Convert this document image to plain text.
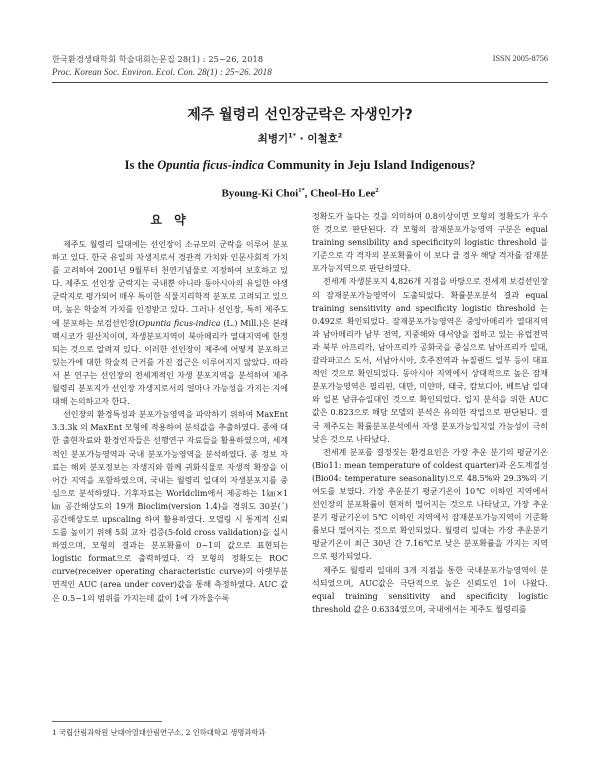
한국환경생태학회 학술대회논문집 28(1) : 25~26, 2018
Proc. Korean Soc. Environ. Ecol. Con. 28(1) : 25~26. 2018
ISSN 2005-8756
제주 월령리 선인장군락은 자생인가?
최병기$^{1*}$ · 이철호$^2$
Is the Opuntia ficus-indica Community in Jeju Island Indigenous?
Byoung-Ki Choi$^{1*}$, Cheol-Ho Lee$^2$
요 약

제주도 월령리 일대에는 선인장이 소규모의 군락을 이루어 분포하고 있다. 한국 유일의 자생지로서 경관적 가치와 인문사회적 가치를 고려하여 2001년 9월부터 천연기념물로 지정하여 보호하고 있다. 제주도 선인장 군락지는 국내뿐 아니라 동아시아의 유일한 야생군락지로 평가되어 매우 특이한 식물지리학적 분포로 고려되고 있으며, 높은 학술적 가치를 인정받고 있다. 그러나 선인장, 특히 제주도에 분포하는 보검선인장(Opuntia ficus-indica (L.) Mill.)은 본래 멕시코가 원산지이며, 자생분포지역이 북아메리카 열대지역에 한정되는 것으로 알려져 있다. 이러한 선인장이 제주에 어떻게 분포하고 있는가에 대한 학술적 근거를 가진 접근은 이루어지지 않았다. 따라서 본 연구는 선인장의 전세계적인 자생 분포지역을 분석하여 제주 월령리 분포지가 선인장 자생지로서의 얼마나 가능성을 가지는 지에 대해 논의하고자 한다.

선인장의 환경특성과 분포가능영역을 파악하기 위하여 MaxEnt 3.3.3k 의 MaxEnt 모형에 적용하여 분석값을 추출하였다. 종에 대한 출현자료와 환경인자들은 선행연구 자료들을 활용하였으며, 세계적인 분포가능영역과 국내 분포가능영역을 분석하였다. 종 정보 자료는 해외 분포정보는 자생지와 함께 귀화식물로 자생적 확장을 이어간 지역을 포함하였으며, 국내는 월령리 일대의 자생분포지를 중심으로 분석하였다. 기후자료는 Worldclim에서 제공하는 1㎞×1㎞ 공간해상도의 19개 Bioclim(version 1.4)을 경위도 30분(´) 공간해상도로 upscaling 하여 활용하였다. 모델링 시 통계적 신뢰도를 높이기 위해 5회 교차 검증(5-fold cross validation)을 실시하였으며, 모형의 결과는 분포확률이 0~1의 값으로 표현되는 logistic format으로 출력하였다. 각 모형의 정확도는 ROC curve(receiver operating characteristic curve)의 아랫부분 면적인 AUC (area under cover)값을 통해 측정하였다. AUC 값은 0.5~1의 범위를 가지는데 값이 1에 가까울수록

정확도가 높다는 것을 의미하며 0.8이상이면 모형의 정확도가 우수한 것으로 판단된다. 각 모형의 잠재분포가능영역 구분은 equal training sensibility and specificity의 logistic threshold 을 기준으로 각 격자의 분포확률이 이 보다 클 경우 해당 격자를 잠재분포가능지역으로 판단하였다.

전세계 자생분포지 4,826개 지점을 바탕으로 전세계 보검선인장의 잠재분포가능영역이 도출되었다. 확률분포분석 결과 equal training sensitivity and specificity logistic threshold 는 0.492로 확인되었다. 잠재분포가능영역은 중앙아메리카 열대지역과 남아메리카 남부 전역, 지중해와 대서양을 접하고 있는 유럽전역과 북부 아프리카, 남아프리카 공화국을 중심으로 남아프리카 일대, 갈라파고스 도서, 서남아시아, 호주전역과 뉴질랜드 일부 등이 대표적인 것으로 확인되었다. 동아시아 지역에서 상대적으로 높은 잠재분포가능영역은 필리핀, 대만, 미얀마, 태국, 캄보디아, 베트남 일대와 일본 남큐슈일대인 것으로 확인되었다. 입지 분석을 위한 AUC 값은 0.823으로 해당 모델의 분석은 유의한 작업으로 판단된다. 결국 제주도는 확률분포분석에서 자생 분포가능입지일 가능성이 극히 낮은 것으로 나타났다.

전세계 분포를 결정짓는 환경요인은 가장 추운 분기의 평균기온(Bio11: mean temperature of coldest quarter)과 온도계절성(Bio04: temperature seasonality)으로 48.5%와 29.3%의 기여도를 보였다. 가장 추운분기 평균기온이 10℃ 이하인 지역에서 선인장의 분포확률이 현저히 떨어지는 것으로 나타났고, 가장 추운분기 평균기온이 5℃ 이하인 지역에서 잠재분포가능지역이 기준확률보다 떨어지는 것으로 확인되었다. 월령리 일대는 가장 추운분기 평균기온이 최근 30년 간 7.16℃로 낮은 분포확률을 가지는 지역으로 평가되었다.

제주도 월령리 일대의 3개 지점을 통한 국내분포가능영역이 분석되었으며, AUC값은 극단적으로 높은 신뢰도인 1이 나왔다. equal training sensitivity and specificity logistic threshold 값은 0.6334였으며, 국내에서는 제주도 월령리를

1 국립산림과학원 난대아열대산림연구소, 2 인하대학교 생명과학과
